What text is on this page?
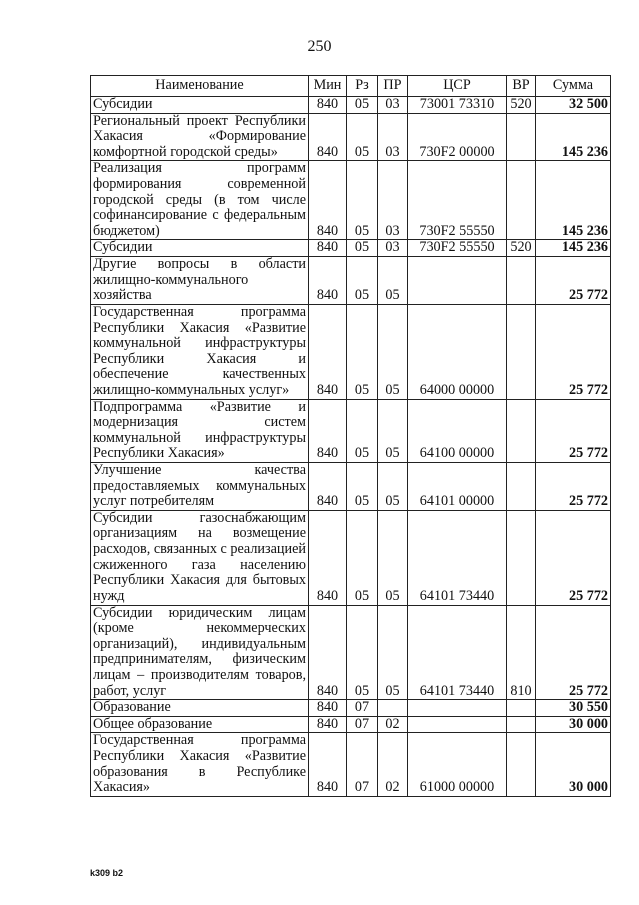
250
Наименование	Мин	Рз	ПР	ЦСР	ВР	Сумма
Субсидии	840	05	03	73001 73310	520	32 500
Региональный проект Республики Хакасия «Формирование комфортной городской среды»	840	05	03	730F2 00000		145 236
Реализация программ формирования современной городской среды (в том числе софинансирование с федеральным бюджетом)	840	05	03	730F2 55550		145 236
Субсидии	840	05	03	730F2 55550	520	145 236
Другие вопросы в области жилищно-коммунального хозяйства	840	05	05			25 772
Государственная программа Республики Хакасия «Развитие коммунальной инфраструктуры Республики Хакасия и обеспечение качественных жилищно-коммунальных услуг»	840	05	05	64000 00000		25 772
Подпрограмма «Развитие и модернизация систем коммунальной инфраструктуры Республики Хакасия»	840	05	05	64100 00000		25 772
Улучшение качества предоставляемых коммунальных услуг потребителям	840	05	05	64101 00000		25 772
Субсидии газоснабжающим организациям на возмещение расходов, связанных с реализацией сжиженного газа населению Республики Хакасия для бытовых нужд	840	05	05	64101 73440		25 772
Субсидии юридическим лицам (кроме некоммерческих организаций), индивидуальным предпринимателям, физическим лицам – производителям товаров, работ, услуг	840	05	05	64101 73440	810	25 772
Образование	840	07				30 550
Общее образование	840	07	02			30 000
Государственная программа Республики Хакасия «Развитие образования в Республике Хакасия»	840	07	02	61000 00000		30 000
k309 b2
